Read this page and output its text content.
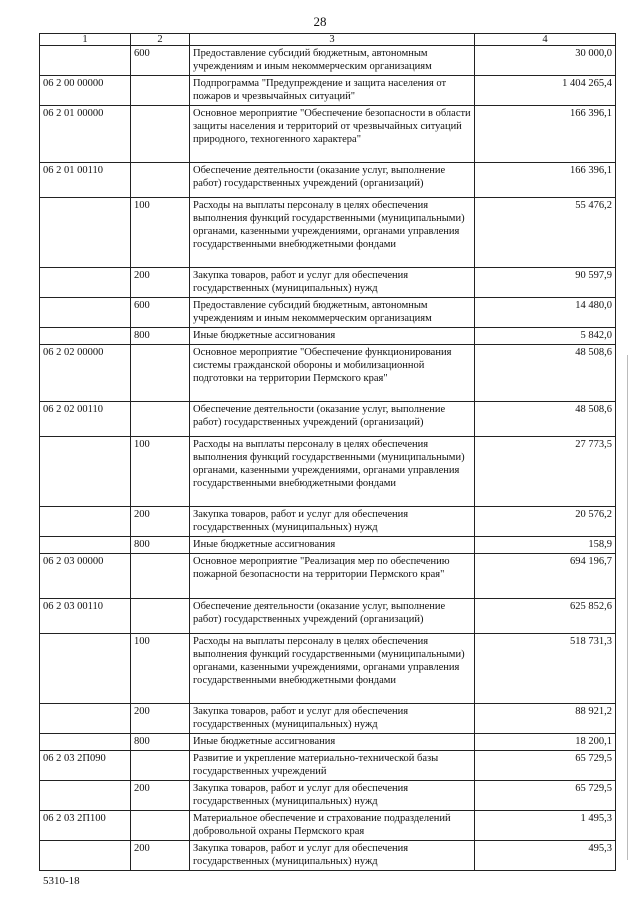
28
1	2	3	4
	600	Предоставление субсидий бюджетным, автономным учреждениям и иным некоммерческим организациям	30 000,0
06 2 00 00000		Подпрограмма "Предупреждение и защита населения от пожаров и чрезвычайных ситуаций"	1 404 265,4
06 2 01 00000		Основное мероприятие "Обеспечение безопасности в области защиты населения и территорий от чрезвычайных ситуаций природного, техногенного характера"	166 396,1
06 2 01 00110		Обеспечение деятельности (оказание услуг, выполнение работ) государственных учреждений (организаций)	166 396,1
	100	Расходы на выплаты персоналу в целях обеспечения выполнения функций государственными (муниципальными) органами, казенными учреждениями, органами управления государственными внебюджетными фондами	55 476,2
	200	Закупка товаров, работ и услуг для обеспечения государственных (муниципальных) нужд	90 597,9
	600	Предоставление субсидий бюджетным, автономным учреждениям и иным некоммерческим организациям	14 480,0
	800	Иные бюджетные ассигнования	5 842,0
06 2 02 00000		Основное мероприятие "Обеспечение функционирования системы гражданской обороны и мобилизационной подготовки на территории Пермского края"	48 508,6
06 2 02 00110		Обеспечение деятельности (оказание услуг, выполнение работ) государственных учреждений (организаций)	48 508,6
	100	Расходы на выплаты персоналу в целях обеспечения выполнения функций государственными (муниципальными) органами, казенными учреждениями, органами управления государственными внебюджетными фондами	27 773,5
	200	Закупка товаров, работ и услуг для обеспечения государственных (муниципальных) нужд	20 576,2
	800	Иные бюджетные ассигнования	158,9
06 2 03 00000		Основное мероприятие "Реализация мер по обеспечению пожарной безопасности на территории Пермского края"	694 196,7
06 2 03 00110		Обеспечение деятельности (оказание услуг, выполнение работ) государственных учреждений (организаций)	625 852,6
	100	Расходы на выплаты персоналу в целях обеспечения выполнения функций государственными (муниципальными) органами, казенными учреждениями, органами управления государственными внебюджетными фондами	518 731,3
	200	Закупка товаров, работ и услуг для обеспечения государственных (муниципальных) нужд	88 921,2
	800	Иные бюджетные ассигнования	18 200,1
06 2 03 2П090		Развитие и укрепление материально-технической базы государственных учреждений	65 729,5
	200	Закупка товаров, работ и услуг для обеспечения государственных (муниципальных) нужд	65 729,5
06 2 03 2П100		Материальное обеспечение и страхование подразделений добровольной охраны Пермского края	1 495,3
	200	Закупка товаров, работ и услуг для обеспечения государственных (муниципальных) нужд	495,3
5310-18
